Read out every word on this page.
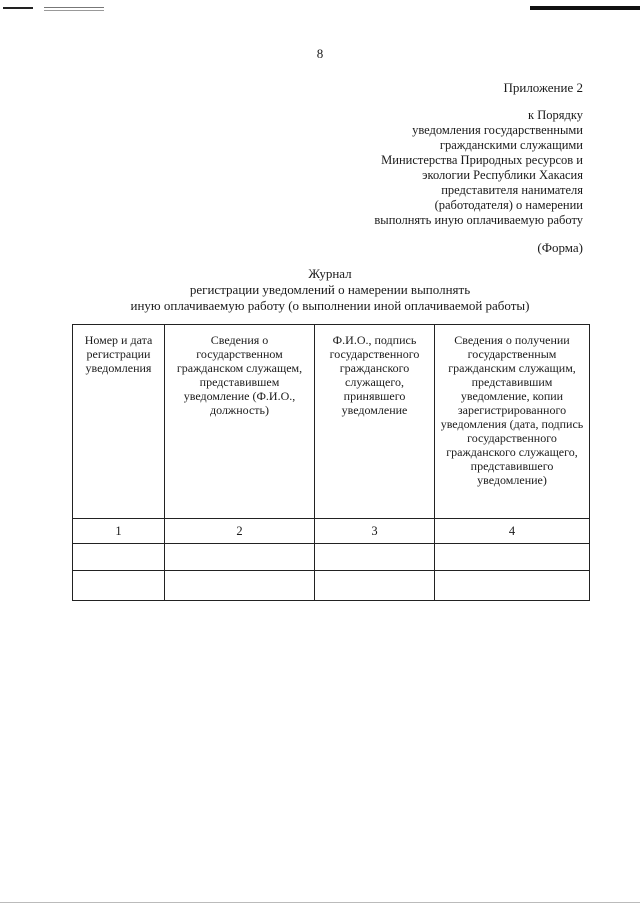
8
Приложение 2
к Порядку
уведомления государственными
гражданскими служащими
Министерства Природных ресурсов и
экологии Республики Хакасия
представителя нанимателя
(работодателя) о намерении
выполнять иную оплачиваемую работу
(Форма)
Журнал
регистрации уведомлений о намерении выполнять
иную оплачиваемую работу (о выполнении иной оплачиваемой работы)
Номер и дата регистрации уведомления	Сведения о государственном гражданском служащем, представившем уведомление (Ф.И.О., должность)	Ф.И.О., подпись государственного гражданского служащего, принявшего уведомление	Сведения о получении государственным гражданским служащим, представившим уведомление, копии зарегистрированного уведомления (дата, подпись государственного гражданского служащего, представившего уведомление)
1	2	3	4
